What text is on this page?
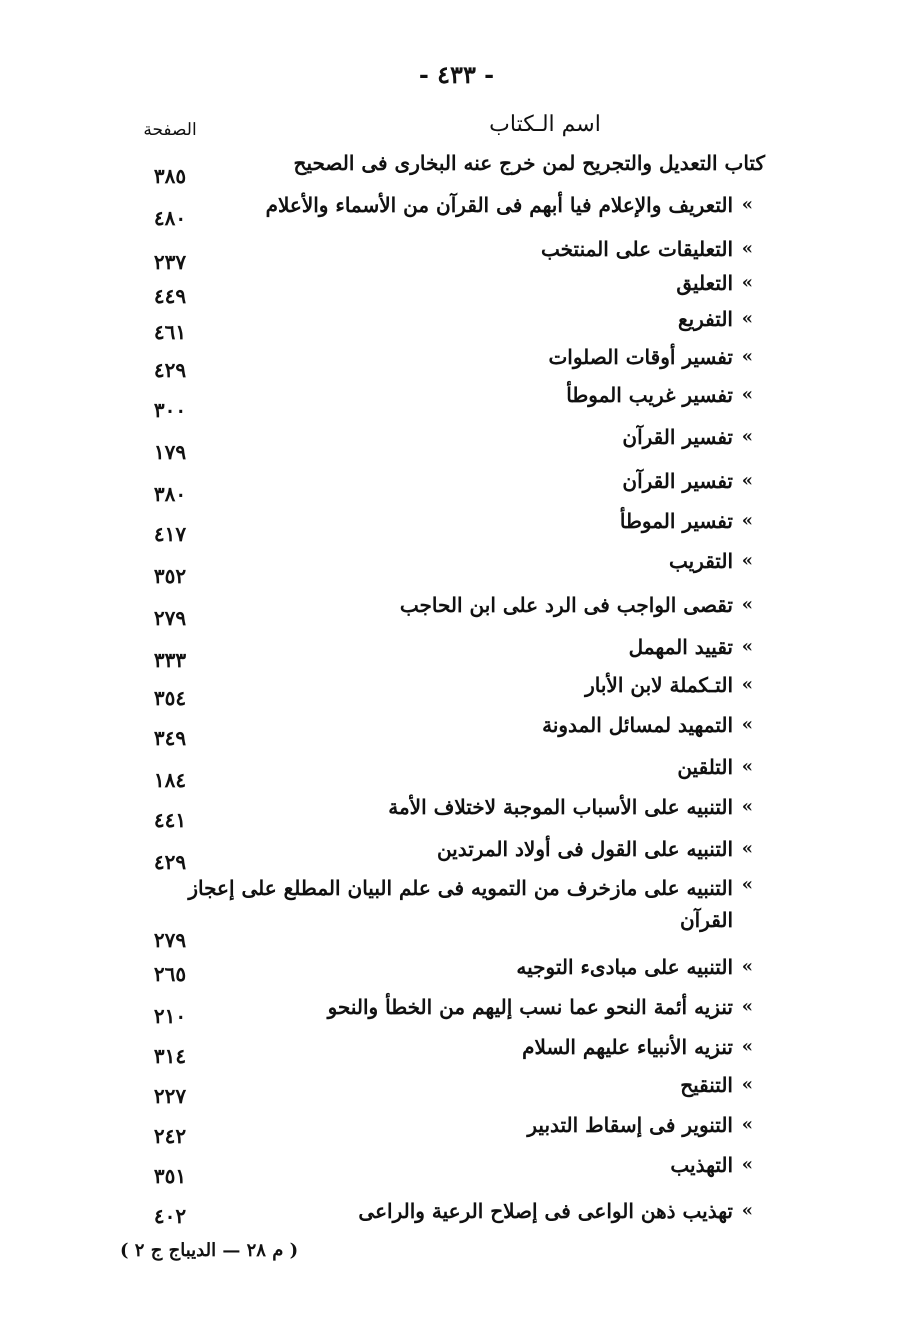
- ٤٣٣ -
اسم الـكتاب
الصفحة
كتاب التعديل والتجريح لمن خرج عنه البخارى فى الصحيح
٣٨٥
«
التعريف والإعلام فيا أبهم فى القرآن من الأسماء والأعلام
٤٨٠
«
التعليقات على المنتخب
٢٣٧
«
التعليق
٤٤٩
«
التفريع
٤٦١
«
تفسير أوقات الصلوات
٤٢٩
«
تفسير غريب الموطأ
٣٠٠
«
تفسير القرآن
١٧٩
«
تفسير القرآن
٣٨٠
«
تفسير الموطأ
٤١٧
«
التقريب
٣٥٢
«
تقصى الواجب فى الرد على ابن الحاجب
٢٧٩
«
تقييد المهمل
٣٣٣
«
التـكملة لابن الأبار
٣٥٤
«
التمهيد لمسائل المدونة
٣٤٩
«
التلقين
١٨٤
«
التنبيه على الأسباب الموجبة لاختلاف الأمة
٤٤١
«
التنبيه على القول فى أولاد المرتدين
٤٢٩
«
التنبيه على مازخرف من التمويه فى علم البيان المطلع على إعجاز القرآن
٢٧٩
«
التنبيه على مبادىء التوجيه
٢٦٥
«
تنزيه أئمة النحو عما نسب إليهم من الخطأ والنحو
٢١٠
«
تنزيه الأنبياء عليهم السلام
٣١٤
«
التنقيح
٢٢٧
«
التنوير فى إسقاط التدبير
٢٤٢
«
التهذيب
٣٥١
«
تهذيب ذهن الواعى فى إصلاح الرعية والراعى
٤٠٢
( م ٢٨ — الديباج ج ٢ )
